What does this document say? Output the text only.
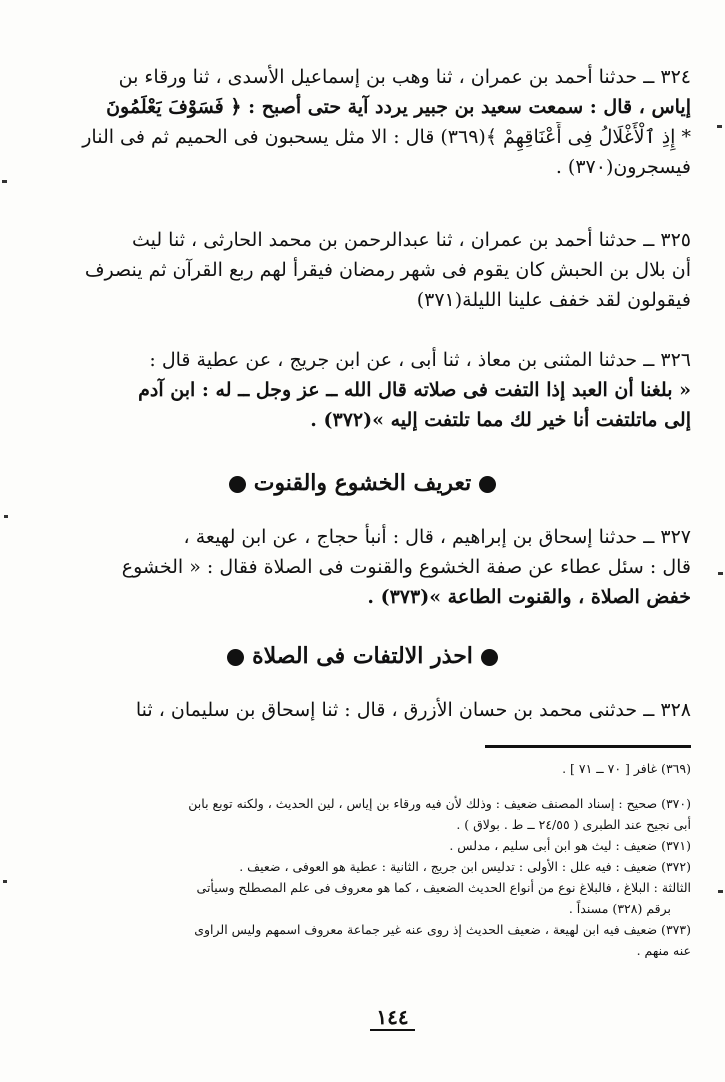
٣٢٤ ــ حدثنا أحمد بن عمران ، ثنا وهب بن إسماعيل الأسدى ، ثنا ورقاء بن
إياس ، قال : سمعت سعيد بن جبير يردد آية حتى أصبح : ﴿ فَسَوْفَ يَعْلَمُونَ
* إِذِ ٱلْأَغْلَالُ فِى أَعْنَاقِهِمْ ﴾(٣٦٩) قال : الا مثل يسحبون فى الحميم ثم فى النار
فيسجرون(٣٧٠) .
٣٢٥ ــ حدثنا أحمد بن عمران ، ثنا عبدالرحمن بن محمد الحارثى ، ثنا ليث
أن بلال بن الحبش كان يقوم فى شهر رمضان فيقرأ لهم ربع القرآن ثم ينصرف
فيقولون لقد خفف علينا الليلة(٣٧١)
٣٢٦ ــ حدثنا المثنى بن معاذ ، ثنا أبى ، عن ابن جريج ، عن عطية قال :
« بلغنا أن العبد إذا التفت فى صلاته قال الله ــ عز وجل ــ له : ابن آدم
إلى ماتلتفت أنا خير لك مما تلتفت إليه »(٣٧٢) .
تعريف الخشوع والقنوت
٣٢٧ ــ حدثنا إسحاق بن إبراهيم ، قال : أنبأ حجاج ، عن ابن لهيعة ،
قال : سئل عطاء عن صفة الخشوع والقنوت فى الصلاة فقال : « الخشوع
خفض الصلاة ، والقنوت الطاعة »(٣٧٣) .
احذر الالتفات فى الصلاة
٣٢٨ ــ حدثنى محمد بن حسان الأزرق ، قال : ثنا إسحاق بن سليمان ، ثنا
(٣٦٩) غافر [ ٧٠ ــ ٧١ ] .
(٣٧٠) صحيح : إسناد المصنف ضعيف : وذلك لأن فيه ورقاء بن إياس ، لين الحديث ، ولكنه توبع بابن
أبى نجيح عند الطبرى ( ٢٤/٥٥ ــ ط . بولاق ) .
(٣٧١) ضعيف : ليث هو ابن أبى سليم ، مدلس .
(٣٧٢) ضعيف : فيه علل : الأولى : تدليس ابن جريج ، الثانية : عطية هو العوفى ، ضعيف .
الثالثة : البلاغ ، فالبلاغ نوع من أنواع الحديث الضعيف ، كما هو معروف فى علم المصطلح وسيأتى
برقم (٣٢٨) مسنداً .
(٣٧٣) ضعيف فيه ابن لهيعة ، ضعيف الحديث إذ روى عنه غير جماعة معروف اسمهم وليس الراوى
عنه منهم .
١٤٤
